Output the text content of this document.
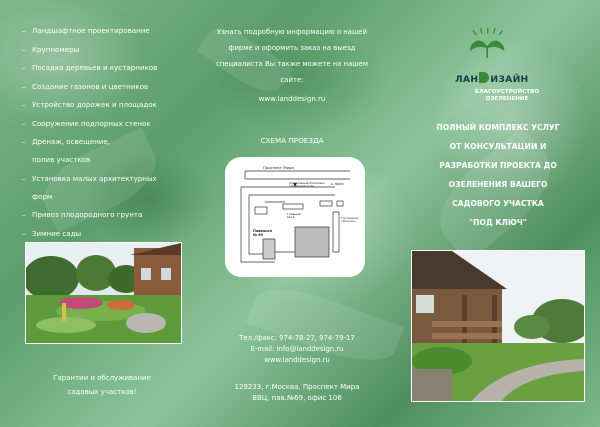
– Ландшафтное проектирование
– Крупномеры
– Посадка деревьев и кустарников
– Создание газонов и цветников
– Устройство дорожек и площадок
– Сооружение подпорных стенок
– Дренаж, освещение,
полив участков
– Установка малых архитектурных
форм
– Привоз плодородного грунта
– Зимние сады
Гарантии и обслуживание
садовых участков!
Узнать подробную информацию о нашей фирме и оформить заказ на выезд специалиста Вы также можете на нашем сайте:
www.landdesign.ru
СХЕМА ПРОЕЗДА
Проспект Мира
Спортивный Комплекс «Олимпийский»
м. ВДНХ
Павильон № 69
Главный вход	Гостиница «Космос»
Тел./факс: 974-78-27, 974-79-17
E-mail: info@landdesign.ru
www.landdesign.ru
129233, г.Москва, Проспект Мира
ВВЦ, пав.№69, офис 106
ЛАН ИЗАЙН
БЛАГОУСТРОЙСТВО
ОЗЕЛЕНЕНИЕ
ПОЛНЫЙ КОМПЛЕКС УСЛУГ
ОТ КОНСУЛЬТАЦИИ И
РАЗРАБОТКИ ПРОЕКТА ДО
ОЗЕЛЕНЕНИЯ ВАШЕГО
САДОВОГО УЧАСТКА
"ПОД КЛЮЧ"
